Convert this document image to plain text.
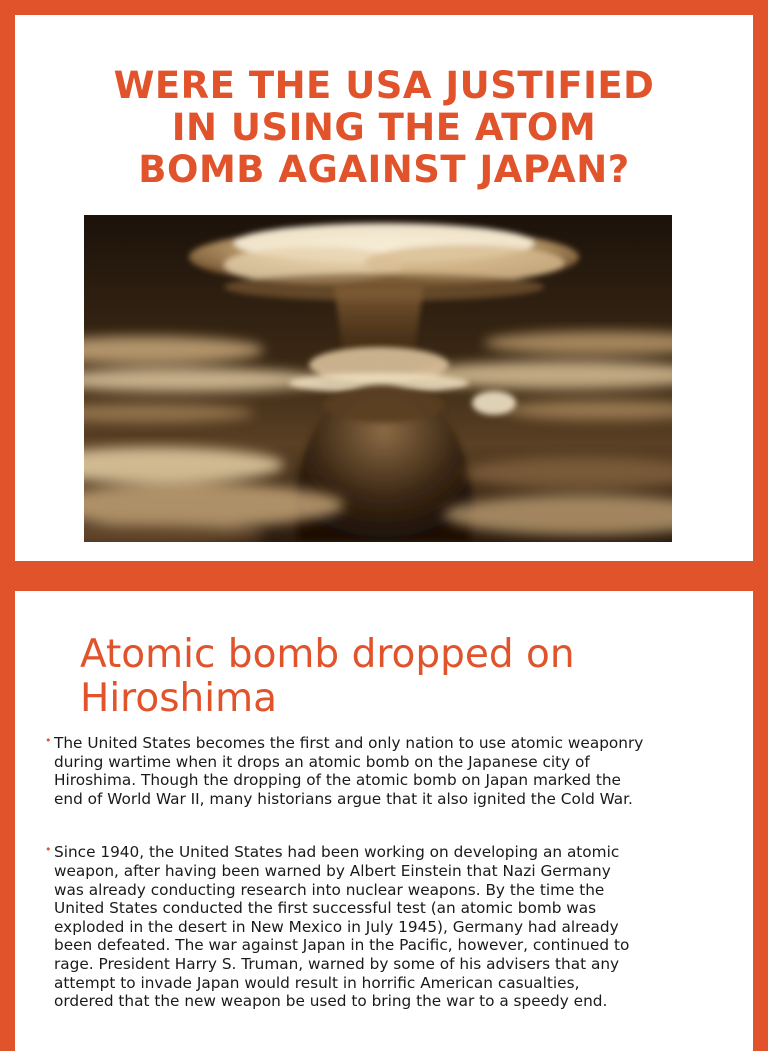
WERE THE USA JUSTIFIED
IN USING THE ATOM
BOMB AGAINST JAPAN?
Atomic bomb dropped on
Hiroshima
• The United States becomes the first and only nation to use atomic weaponry
during wartime when it drops an atomic bomb on the Japanese city of
Hiroshima. Though the dropping of the atomic bomb on Japan marked the
end of World War II, many historians argue that it also ignited the Cold War.
• Since 1940, the United States had been working on developing an atomic
weapon, after having been warned by Albert Einstein that Nazi Germany
was already conducting research into nuclear weapons. By the time the
United States conducted the first successful test (an atomic bomb was
exploded in the desert in New Mexico in July 1945), Germany had already
been defeated. The war against Japan in the Pacific, however, continued to
rage. President Harry S. Truman, warned by some of his advisers that any
attempt to invade Japan would result in horrific American casualties,
ordered that the new weapon be used to bring the war to a speedy end.
